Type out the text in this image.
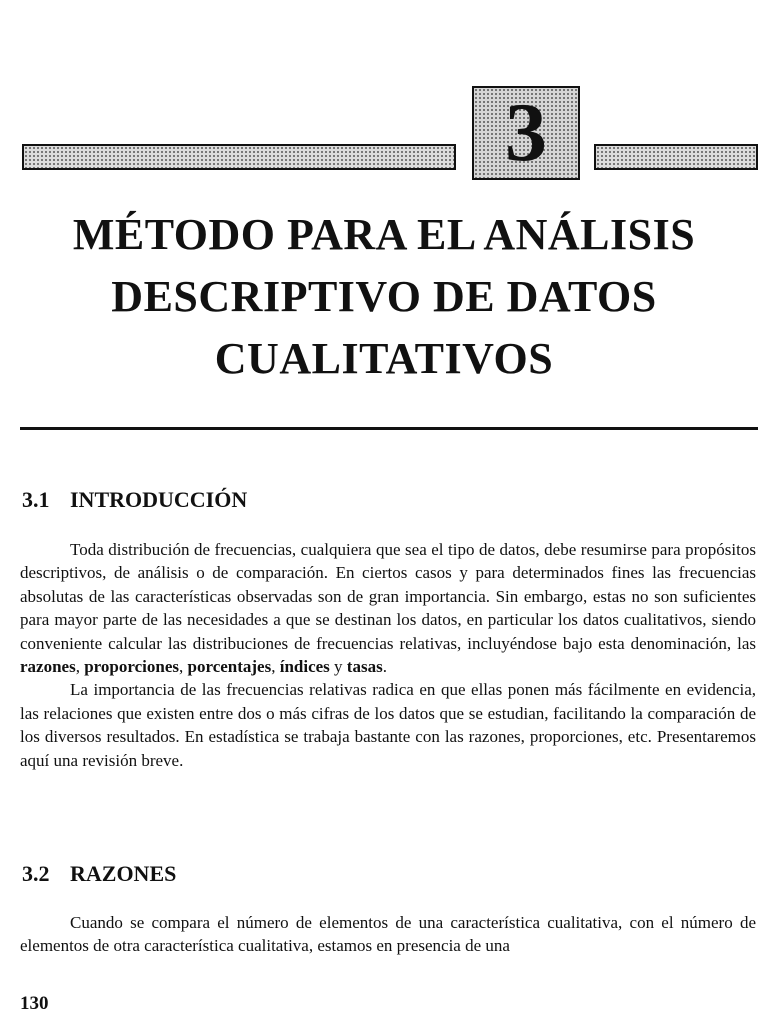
3
MÉTODO PARA EL ANÁLISIS
DESCRIPTIVO DE DATOS
CUALITATIVOS
3.1 INTRODUCCIÓN

Toda distribución de frecuencias, cualquiera que sea el tipo de datos, debe resumirse para propósitos descriptivos, de análisis o de comparación. En ciertos casos y para determinados fines las frecuencias absolutas de las características observadas son de gran importancia. Sin embargo, estas no son suficientes para mayor parte de las necesidades a que se destinan los datos, en particular los datos cualitativos, siendo conveniente calcular las distribuciones de frecuencias relativas, incluyéndose bajo esta denominación, las razones, proporciones, porcentajes, índices y tasas.

La importancia de las frecuencias relativas radica en que ellas ponen más fácilmente en evidencia, las relaciones que existen entre dos o más cifras de los datos que se estudian, facilitando la comparación de los diversos resultados. En estadística se trabaja bastante con las razones, proporciones, etc. Presentaremos aquí una revisión breve.

3.2 RAZONES

Cuando se compara el número de elementos de una característica cualitativa, con el número de elementos de otra característica cualitativa, estamos en presencia de una

130
